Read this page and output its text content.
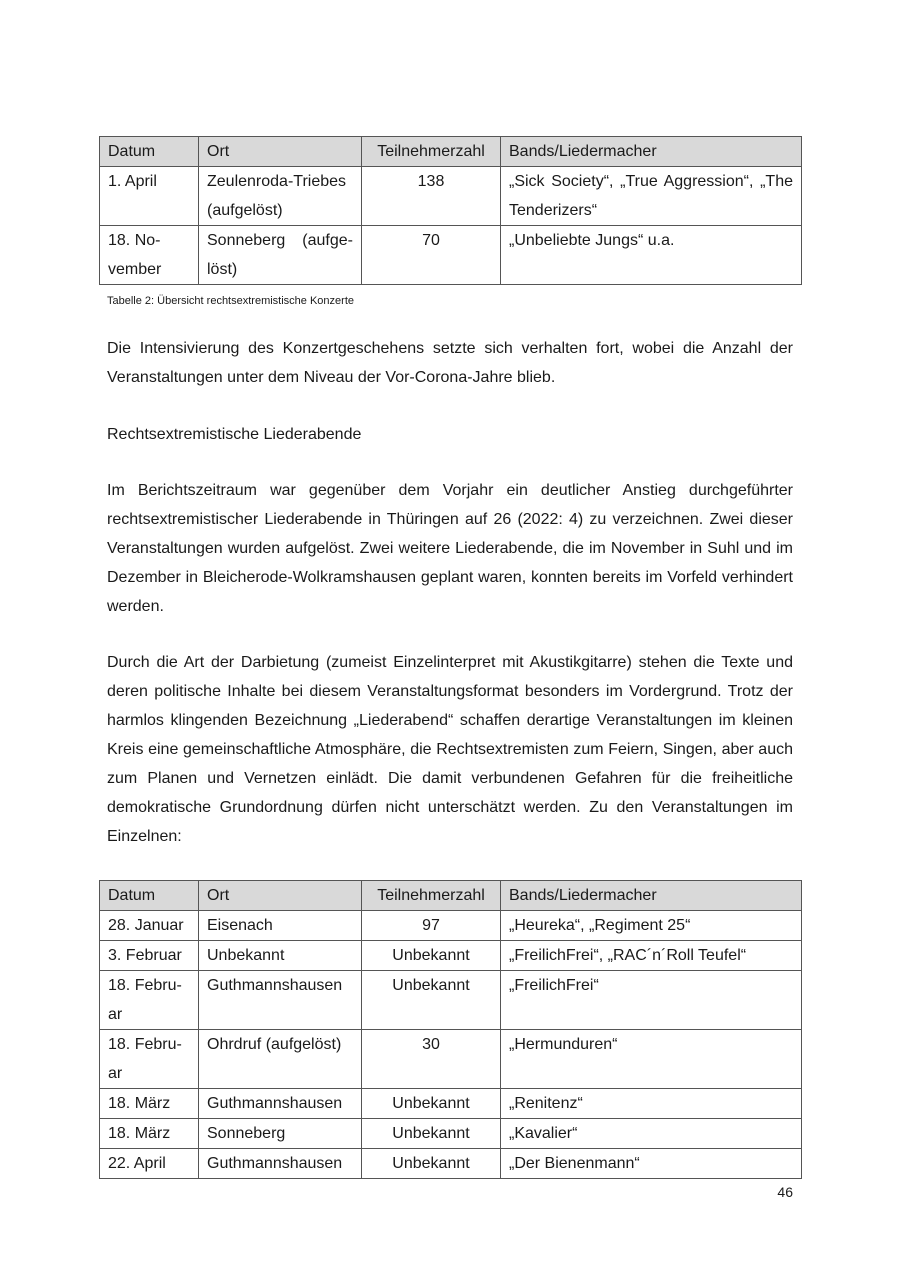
Datum	Ort	Teilnehmerzahl	Bands/Liedermacher
1. April	Zeulenroda-Triebes (aufgelöst)	138	„Sick Society“, „True Aggression“, „The Tenderizers“
18. No-vember	Sonneberg (aufge-löst)	70	„Unbeliebte Jungs“ u.a.
Tabelle 2: Übersicht rechtsextremistische Konzerte

Die Intensivierung des Konzertgeschehens setzte sich verhalten fort, wobei die Anzahl der Veranstaltungen unter dem Niveau der Vor-Corona-Jahre blieb.

Rechtsextremistische Liederabende

Im Berichtszeitraum war gegenüber dem Vorjahr ein deutlicher Anstieg durchgeführter rechtsextremistischer Liederabende in Thüringen auf 26 (2022: 4) zu verzeichnen. Zwei dieser Veranstaltungen wurden aufgelöst. Zwei weitere Liederabende, die im November in Suhl und im Dezember in Bleicherode-Wolkramshausen geplant waren, konnten bereits im Vorfeld verhindert werden.

Durch die Art der Darbietung (zumeist Einzelinterpret mit Akustikgitarre) stehen die Texte und deren politische Inhalte bei diesem Veranstaltungsformat besonders im Vordergrund. Trotz der harmlos klingenden Bezeichnung „Liederabend“ schaffen derartige Veranstaltungen im kleinen Kreis eine gemeinschaftliche Atmosphäre, die Rechtsextremisten zum Feiern, Singen, aber auch zum Planen und Vernetzen einlädt. Die damit verbundenen Gefahren für die freiheitliche demokratische Grundordnung dürfen nicht unterschätzt werden. Zu den Veranstaltungen im Einzelnen:

Datum	Ort	Teilnehmerzahl	Bands/Liedermacher
28. Januar	Eisenach	97	„Heureka“, „Regiment 25“
3. Februar	Unbekannt	Unbekannt	„FreilichFrei“, „RAC´n´Roll Teufel“
18. Febru-ar	Guthmannshausen	Unbekannt	„FreilichFrei“
18. Febru-ar	Ohrdruf (aufgelöst)	30	„Hermunduren“
18. März	Guthmannshausen	Unbekannt	„Renitenz“
18. März	Sonneberg	Unbekannt	„Kavalier“
22. April	Guthmannshausen	Unbekannt	„Der Bienenmann“
46
